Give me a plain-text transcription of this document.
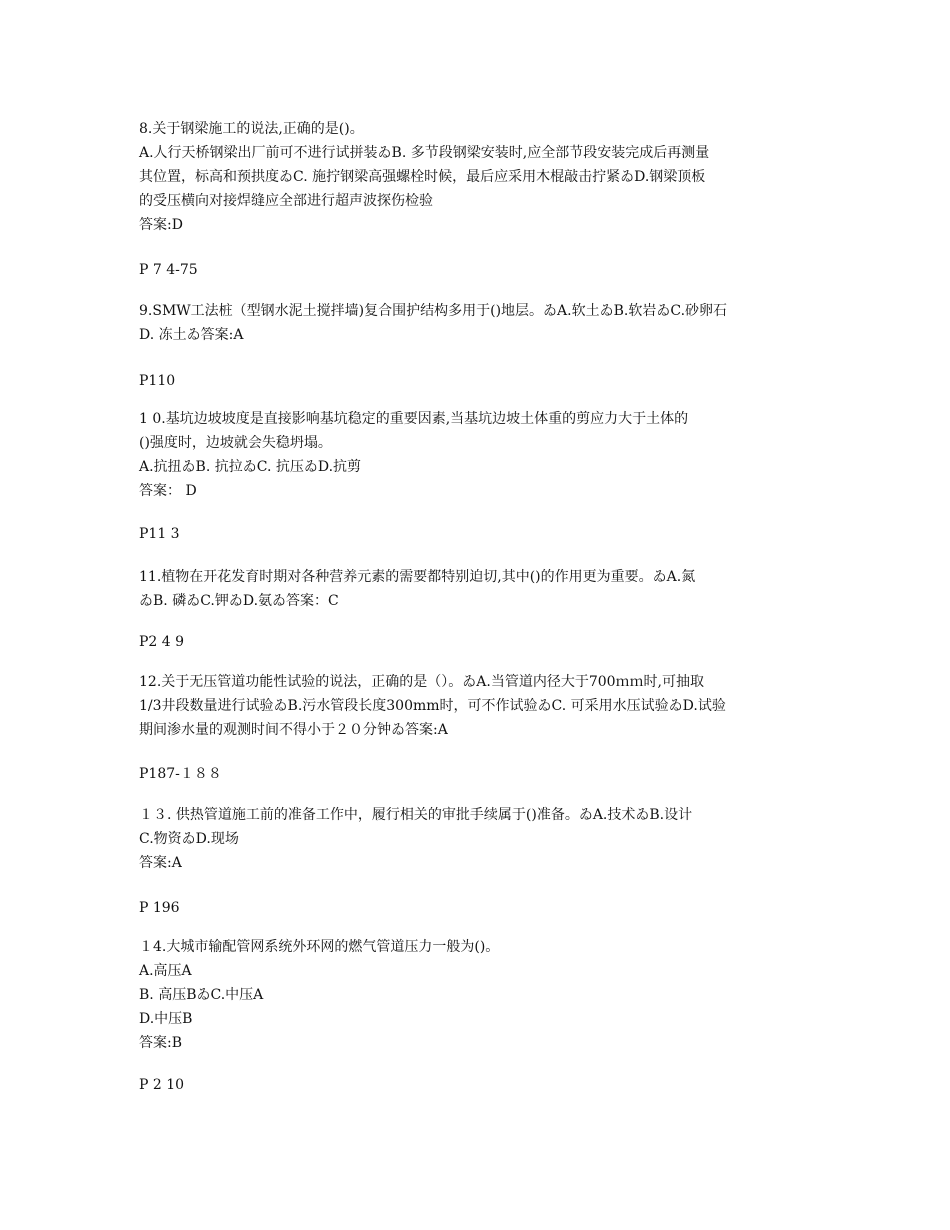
8.关于钢梁施工的说法,正确的是()。
A.人行天桥钢梁出厂前可不进行试拼装ゐB. 多节段钢梁安装时,应全部节段安装完成后再测量
其位置，标高和预拱度ゐC. 施拧钢梁高强螺栓时候，最后应采用木棍敲击拧紧ゐD.钢梁顶板
的受压横向对接焊缝应全部进行超声波探伤检验
答案:D
P 7 4-75
9.SMW工法桩（型钢水泥土搅拌墙)复合围护结构多用于()地层。ゐA.软土ゐB.软岩ゐC.砂卵石
D. 冻土ゐ答案:A
P110
1 0.基坑边坡坡度是直接影响基坑稳定的重要因素,当基坑边坡土体重的剪应力大于土体的
()强度时，边坡就会失稳坍塌。
A.抗扭ゐB. 抗拉ゐC. 抗压ゐD.抗剪
答案： D
P11 3
11.植物在开花发育时期对各种营养元素的需要都特别迫切,其中()的作用更为重要。ゐA.氮
ゐB. 磷ゐC.钾ゐD.氨ゐ答案：C
P2 4 9
12.关于无压管道功能性试验的说法，正确的是（）。ゐA.当管道内径大于700ｍｍ时,可抽取
1/3井段数量进行试验ゐB.污水管段长度300mm时，可不作试验ゐC. 可采用水压试验ゐD.试验
期间渗水量的观测时间不得小于２０分钟ゐ答案:A
P187-１８８
１３. 供热管道施工前的准备工作中，履行相关的审批手续属于()准备。ゐA.技术ゐB.设计
C.物资ゐD.现场
答案:A
P 196
１4.大城市输配管网系统外环网的燃气管道压力一般为()。
A.高压A
B. 高压BゐC.中压A
D.中压B
答案:B
P 2 10
